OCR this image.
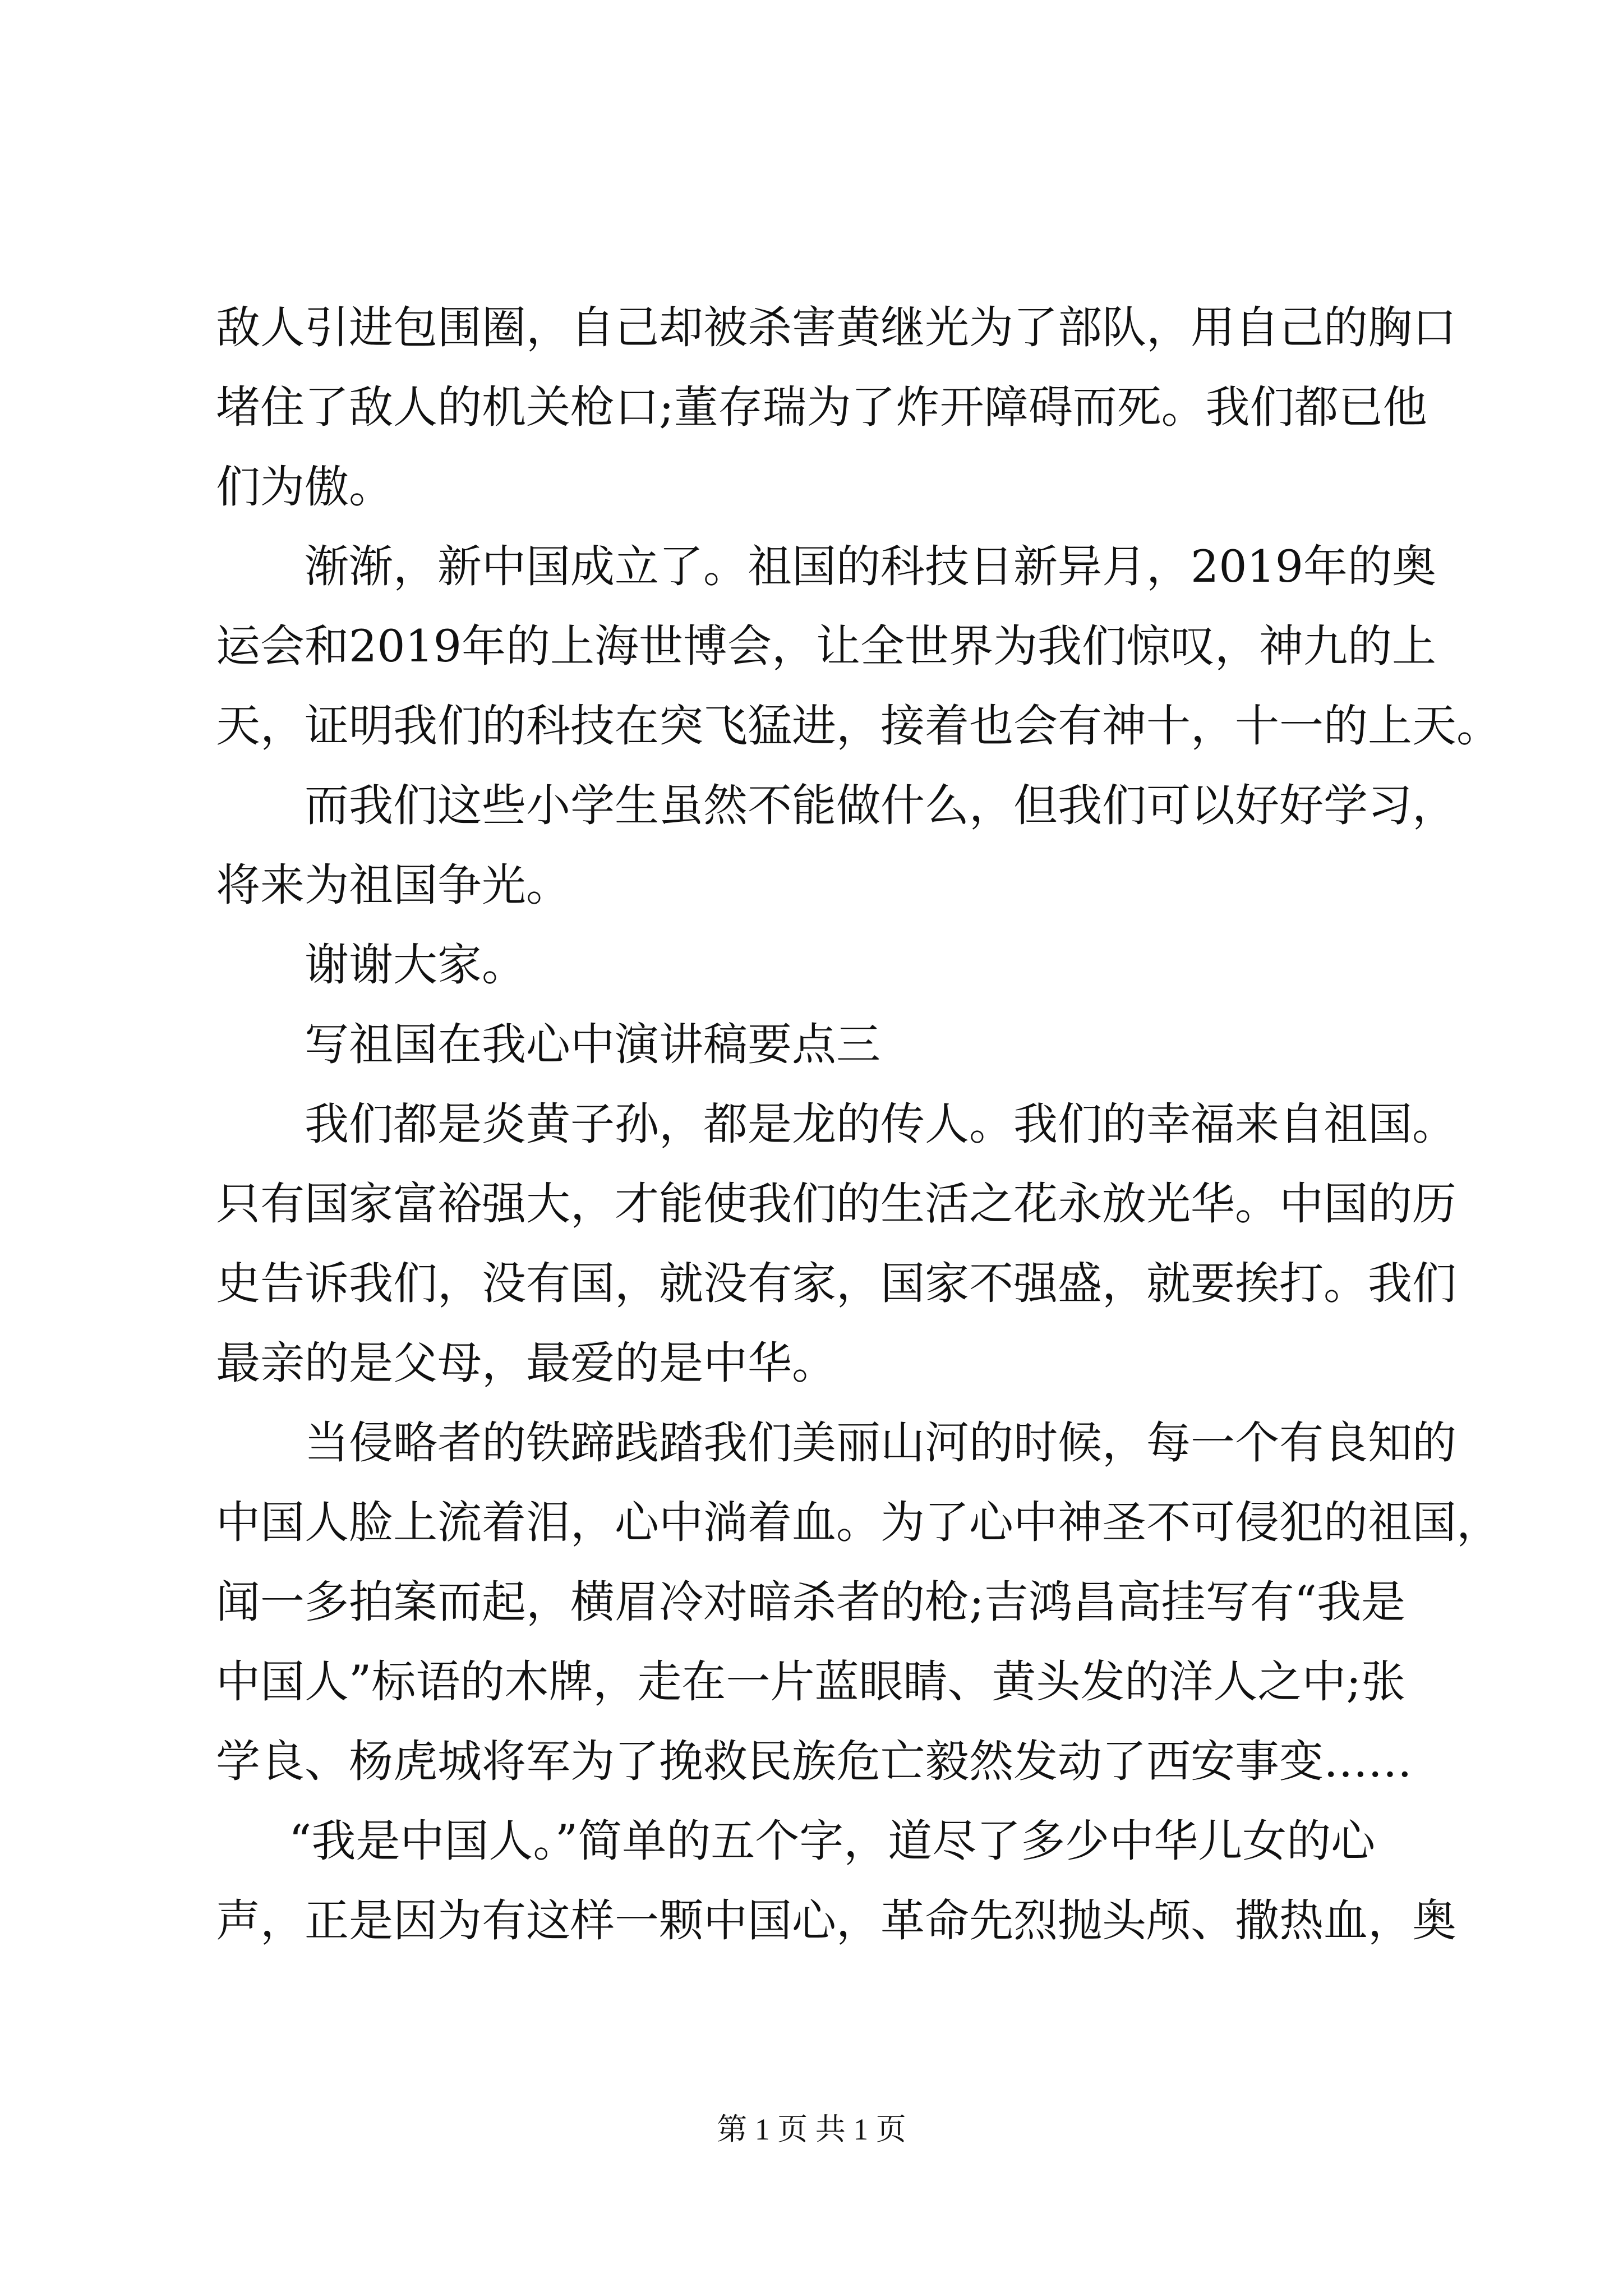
敌人引进包围圈，自己却被杀害黄继光为了部队，用自己的胸口
堵住了敌人的机关枪口;董存瑞为了炸开障碍而死。我们都已他
们为傲。
渐渐，新中国成立了。祖国的科技日新异月，2019年的奥
运会和2019年的上海世博会，让全世界为我们惊叹，神九的上
天，证明我们的科技在突飞猛进，接着也会有神十，十一的上天。
而我们这些小学生虽然不能做什么，但我们可以好好学习，
将来为祖国争光。
谢谢大家。
写祖国在我心中演讲稿要点三
我们都是炎黄子孙，都是龙的传人。我们的幸福来自祖国。
只有国家富裕强大，才能使我们的生活之花永放光华。中国的历
史告诉我们，没有国，就没有家，国家不强盛，就要挨打。我们
最亲的是父母，最爱的是中华。
当侵略者的铁蹄践踏我们美丽山河的时候，每一个有良知的
中国人脸上流着泪，心中淌着血。为了心中神圣不可侵犯的祖国，
闻一多拍案而起，横眉冷对暗杀者的枪;吉鸿昌高挂写有“我是
中国人”标语的木牌，走在一片蓝眼睛、黄头发的洋人之中;张
学良、杨虎城将军为了挽救民族危亡毅然发动了西安事变……
“我是中国人。”简单的五个字，道尽了多少中华儿女的心
声，正是因为有这样一颗中国心，革命先烈抛头颅、撒热血，奥
第 1 页 共 1 页
